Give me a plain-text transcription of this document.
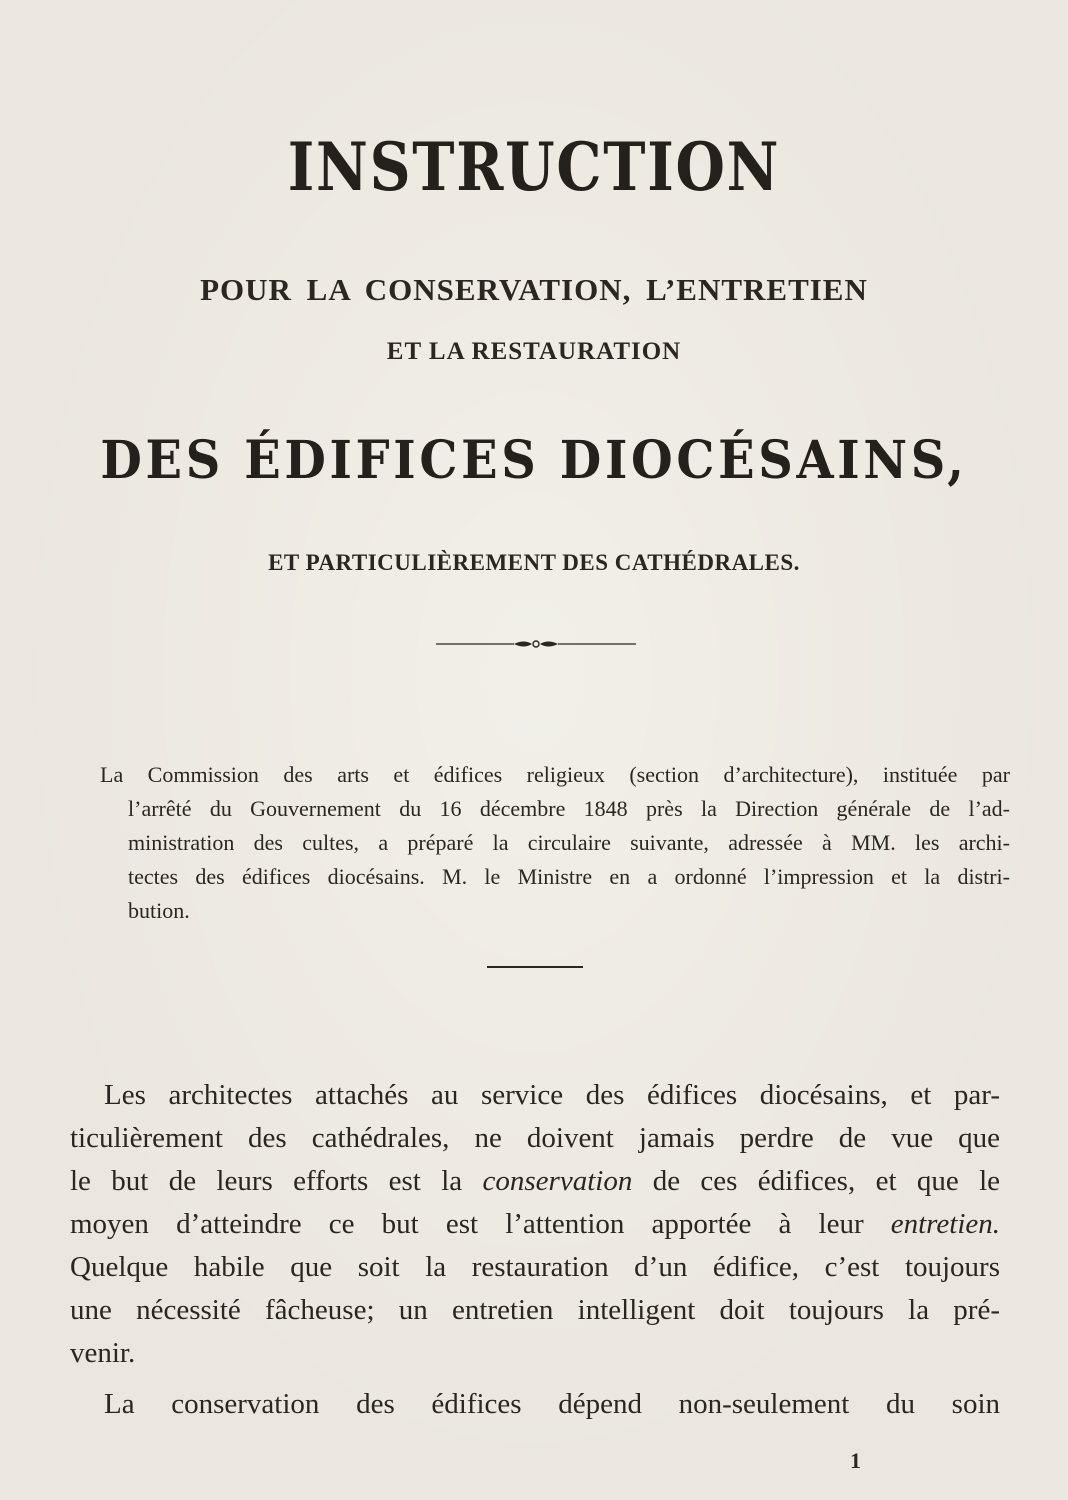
INSTRUCTION
POUR LA CONSERVATION, L’ENTRETIEN
ET LA RESTAURATION
DES ÉDIFICES DIOCÉSAINS,
ET PARTICULIÈREMENT DES CATHÉDRALES.
La Commission des arts et édifices religieux (section d’architecture), instituée par
l’arrêté du Gouvernement du 16 décembre 1848 près la Direction générale de l’ad-
ministration des cultes, a préparé la circulaire suivante, adressée à MM. les archi-
tectes des édifices diocésains. M. le Ministre en a ordonné l’impression et la distri-
bution.
Les architectes attachés au service des édifices diocésains, et par-
ticulièrement des cathédrales, ne doivent jamais perdre de vue que
le but de leurs efforts est la conservation de ces édifices, et que le
moyen d’atteindre ce but est l’attention apportée à leur entretien.
Quelque habile que soit la restauration d’un édifice, c’est toujours
une nécessité fâcheuse; un entretien intelligent doit toujours la pré-
venir.
La conservation des édifices dépend non-seulement du soin
1
